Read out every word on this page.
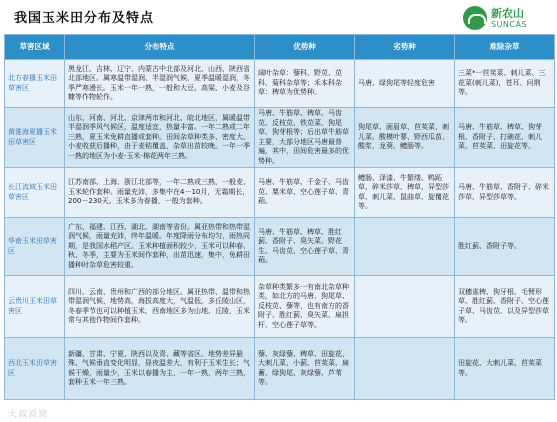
我国玉米田分布及特点	新农山
SUNCAS
草害区域	分布特点	优势种	劣势种	难除杂草
北方春播玉米田草害区	黑龙江、吉林、辽宁、内蒙古中北部及河北、山西、陕西省北部地区。属寒温带湿润、半湿润气候，夏季温暖湿润，冬季严寒漫长。玉米一年一熟，一般和大豆、高粱、小麦及谷糠等作物轮作。	阔叶杂草：藜科、野苋、苋科、菊科杂草等；禾本科杂草：稗草为优势种。	马唐、绿狗尾等轻度危害	三菜*一苣荬菜、刺儿菜、三花菜(刺儿菜)，苍耳、问荆等。
黄淮海夏播玉米田草害区	山东、河南、河北、京津两市和河北、皖北地区，属暖温带半湿润季风气候区，温度适宜，热量丰富。一年二熟或二年三熟，夏玉米免耕直播或套种。田间杂草种类多、密度大。小麦收获后播种，由于麦秸覆盖，杂草出苗较晚。一年一季一熟的地区为小麦-玉米-棉花两年三熟。	马唐、牛筋草、稗草、马齿苋、反枝苋、铁苋菜、狗尾草、狗芽根等；后出草牛筋草主要，大部分地区马唐最普遍，其中，田间危害最多的优势种。	狗尾草、画眉草、苣荬菜、刺儿菜、酸模叶蓼、野西瓜苗、酸浆、龙葵、鳢肠等。	马唐、牛筋草、稗草、狗芽根、香附子、打碗花、刺儿菜、苣荬菜、田旋花等。
长江流域玉米田草害区	江苏南部、上海、浙江北部等，一年二熟或三熟，一般麦、玉米轮作套种。雨量充沛，多集中在4－10月，无霜期长，200－230天。玉米多为春播，一般为套种。	马唐、牛筋草、千金子、马齿苋、粟米草、空心莲子草、青葙。	鳢肠、泽漆、牛繁缕、鸭跖草、碎米莎草、稗草、异型莎草、刺儿菜、鼠曲草、旋覆花等。	马唐、牛筋草、香附子、碎米莎草、异型莎草等。
华南玉米田草害区	广东、福建、江西、湖北、湖南等省份。属亚热带和热带湿润气候，雨量充沛，终年温暖。年度降雨分布均匀，雨热同期，是我国水稻产区。玉米种植面积较少，玉米可以种春、秋、冬季，主要为玉米间作套种，出苗迅速，集中，免耕田播种时杂草危害较重。	马唐、牛筋草、稗草、胜红蓟、香附子、臭矢菜、野花生、马齿苋、空心莲子草、青葙。		胜红蓟、香附子等。
云贵川玉米田草害区	四川、云南、贵州和广西的部分地区。属亚热带、温带和热带湿润气候，地势高，海拔高度大，气温低，多丘陵山区，冬春季节也可以种植玉米，西南地区多为山地、丘陵，玉米常与其他作物间作套种。	杂草种类繁多一有南北杂草种类，如北方的马唐、狗尾草、反枝苋、藜等，也有南方的香附子、胜红蓟、臭矢菜、扁担杆、空心莲子草等。		双穗雀稗、狗牙根、毛臂形草、胜红蓟、香附子、空心莲子草、马齿苋、以及异型莎草等。
西北玉米田草害区	新疆、甘肃、宁夏、陕西以及青、藏等省区。地势差异悬殊、气候垂直变化明显，昼夜温差大，有利于玉米生长；气候干燥，雨量少，玉米以春播为主，一年一熟，两年三熟，套种玉米一年三熟。	藜、灰绿藜、稗草、田旋花、大刺儿菜、小蓟、苣荬菜、扁蓄、绿狗尾、灰绿藜、芦苇等。		田旋花、大刺儿菜、苣荬菜等。
大叔说说
